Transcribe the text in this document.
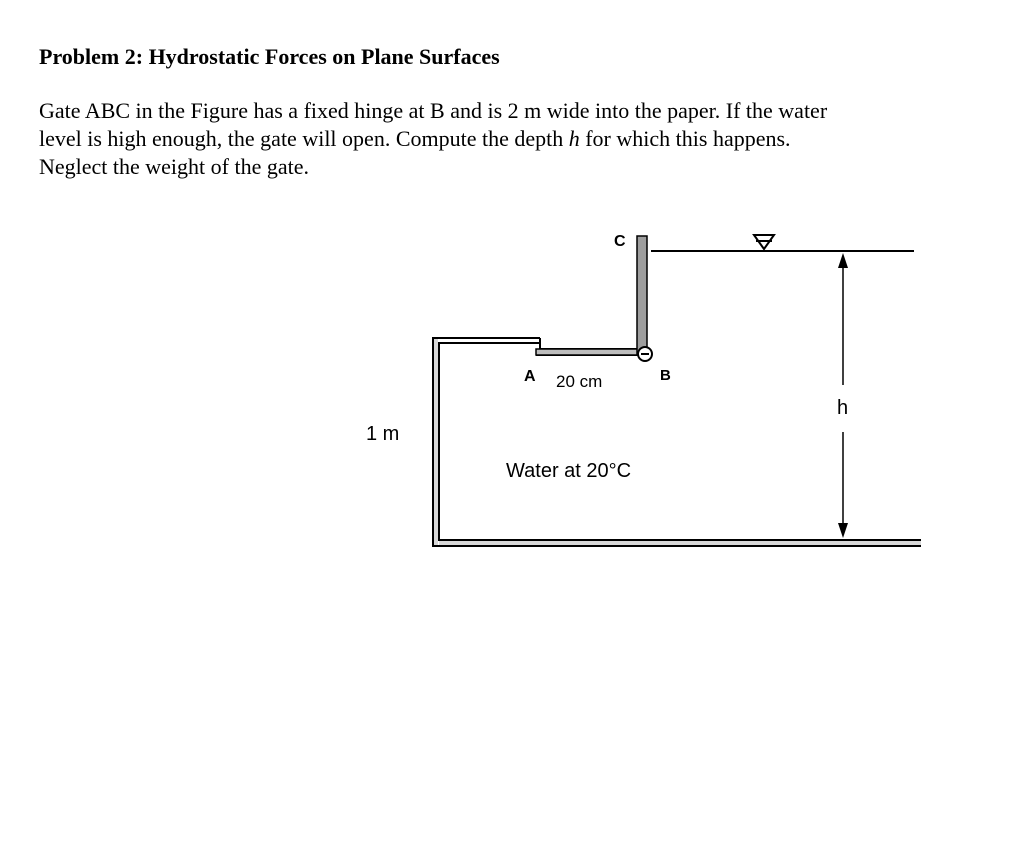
Problem 2: Hydrostatic Forces on Plane Surfaces
Gate ABC in the Figure has a fixed hinge at B and is 2 m wide into the paper. If the water
level is high enough, the gate will open. Compute the depth h for which this happens.
Neglect the weight of the gate.
C
A 20 cm	B
1 m
h
Water at 20°C
